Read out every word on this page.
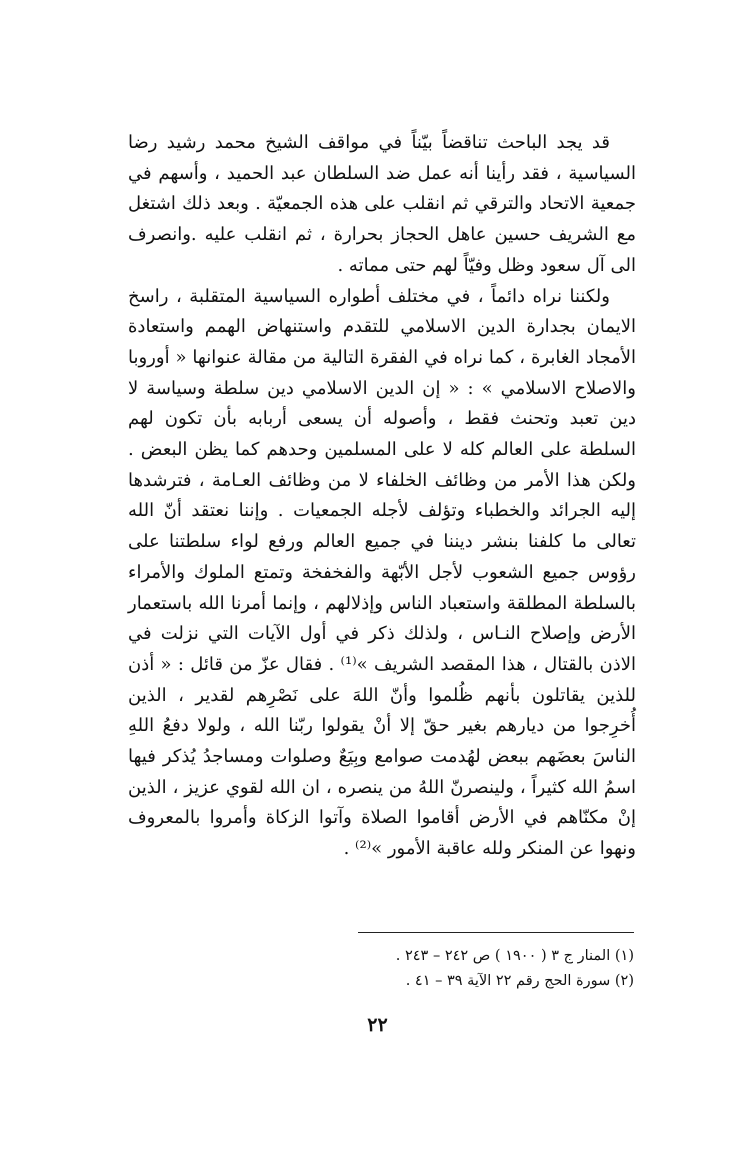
قد يجد الباحث تناقضاً بيّناً في مواقف الشيخ محمد رشيد رضا السياسية ، فقد رأينا أنه عمل ضد السلطان عبد الحميد ، وأسهم في جمعية الاتحاد والترقي ثم انقلب على هذه الجمعيّة . وبعد ذلك اشتغل مع الشريف حسين عاهل الحجاز بحرارة ، ثم انقلب عليه .وانصرف الى آل سعود وظل وفيّاً لهم حتى مماته .

ولكننا نراه دائماً ، في مختلف أطواره السياسية المتقلبة ، راسخ الايمان بجدارة الدين الاسلامي للتقدم واستنهاض الهمم واستعادة الأمجاد الغابرة ، كما نراه في الفقرة التالية من مقالة عنوانها « أوروبا والاصلاح الاسلامي » : « إن الدين الاسلامي دين سلطة وسياسة لا دين تعبد وتحنث فقط ، وأصوله أن يسعى أربابه بأن تكون لهم السلطة على العالم كله لا على المسلمين وحدهم كما يظن البعض . ولكن هذا الأمر من وظائف الخلفاء لا من وظائف العـامة ، فترشدها إليه الجرائد والخطباء وتؤلف لأجله الجمعيات . وإننا نعتقد أنّ الله تعالى ما كلفنا بنشر ديننا في جميع العالم ورفع لواء سلطتنا على رؤوس جميع الشعوب لأجل الأبّهة والفخفخة وتمتع الملوك والأمراء بالسلطة المطلقة واستعباد الناس وإذلالهم ، وإنما أمرنا الله باستعمار الأرض وإصلاح النـاس ، ولذلك ذكر في أول الآيات التي نزلت في الاذن بالقتال ، هذا المقصد الشريف »⁽¹⁾ . فقال عزّ من قائل : « أذن للذين يقاتلون بأنهم ظُلموا وأنّ اللهَ على نَصْرِهم لقدير ، الذين أُخرِجوا من ديارهم بغير حقّ إلا أنْ يقولوا ربّنا الله ، ولولا دفعُ اللهِ الناسَ بعضَهم ببعض لهُدمت صوامع وبِيَعٌ وصلوات ومساجدُ يُذكر فيها اسمُ الله كثيراً ، ولينصرنّ اللهُ من ينصره ، ان الله لقوي عزيز ، الذين إنْ مكنّاهم في الأرض أقاموا الصلاة وآتوا الزكاة وأمروا بالمعروف ونهوا عن المنكر ولله عاقبة الأمور »⁽²⁾ .

(١) المنار ج ٣ ( ١٩٠٠ ) ص ٢٤٢ – ٢٤٣ .

(٢) سورة الحج رقم ٢٢ الآية ٣٩ – ٤١ .

٢٢
